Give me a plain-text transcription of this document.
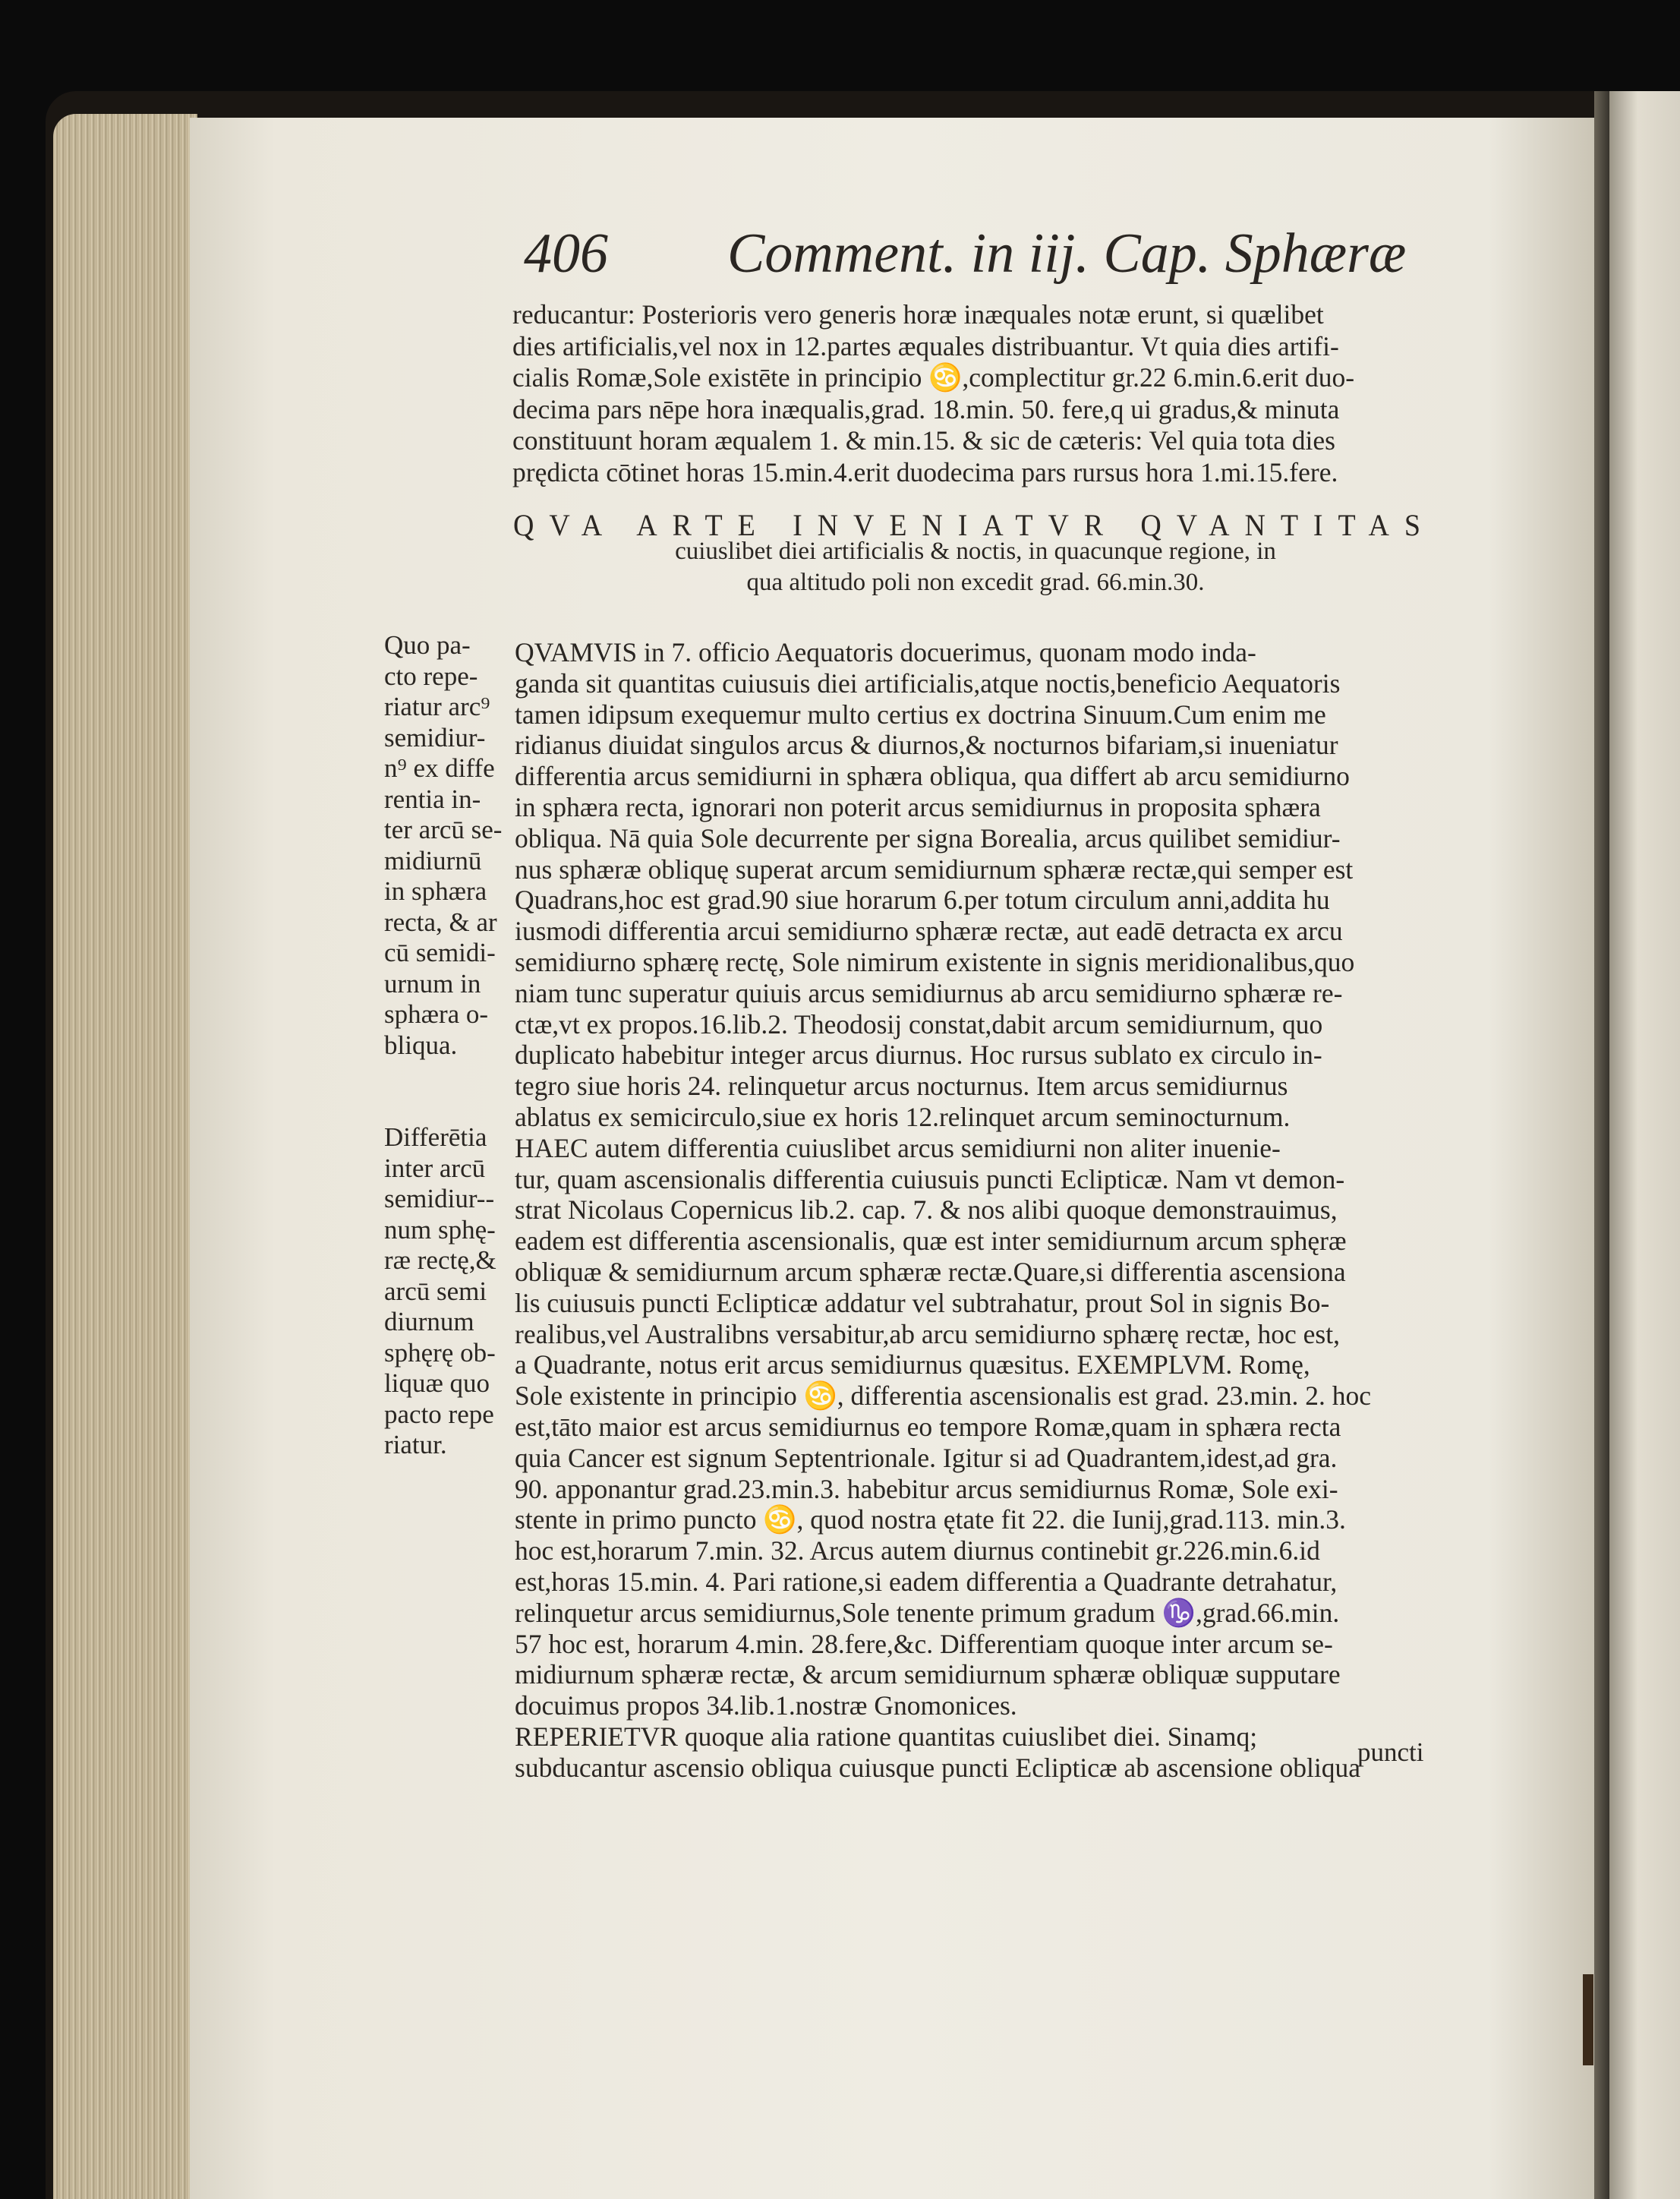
406 Comment. in iij. Cap. Sphæræ
reducantur: Posterioris vero generis horæ inæquales notæ erunt, si quælibet
dies artificialis,vel nox in 12.partes æquales distribuantur. Vt quia dies artifi-
cialis Romæ,Sole existēte in principio ♋,complectitur gr.22 6.min.6.erit duo-
decima pars nēpe hora inæqualis,grad. 18.min. 50. fere,q ui gradus,& minuta
constituunt horam æqualem 1. & min.15. & sic de cæteris: Vel quia tota dies
prędicta cōtinet horas 15.min.4.erit duodecima pars rursus hora 1.mi.15.fere.
QVA ARTE INVENIATVR QVANTITAS
cuiuslibet diei artificialis & noctis, in quacunque regione, in
qua altitudo poli non excedit grad. 66.min.30.
Quo pa-
cto repe-
riatur arc⁹
semidiur-
n⁹ ex diffe
rentia in-
ter arcū se-
midiurnū
in sphæra
recta, & ar
cū semidi-
urnum in
sphæra o-
bliqua.
Differētia
inter arcū
semidiur--
num sphę-
ræ rectę,&
arcū semi
diurnum
sphęrę ob-
liquæ quo
pacto repe
riatur.
QVAMVIS in 7. officio Aequatoris docuerimus, quonam modo inda-
ganda sit quantitas cuiusuis diei artificialis,atque noctis,beneficio Aequatoris
tamen idipsum exequemur multo certius ex doctrina Sinuum.Cum enim me
ridianus diuidat singulos arcus & diurnos,& nocturnos bifariam,si inueniatur
differentia arcus semidiurni in sphæra obliqua, qua differt ab arcu semidiurno
in sphæra recta, ignorari non poterit arcus semidiurnus in proposita sphæra
obliqua. Nā quia Sole decurrente per signa Borealia, arcus quilibet semidiur-
nus sphæræ obliquę superat arcum semidiurnum sphæræ rectæ,qui semper est
Quadrans,hoc est grad.90 siue horarum 6.per totum circulum anni,addita hu
iusmodi differentia arcui semidiurno sphæræ rectæ, aut eadē detracta ex arcu
semidiurno sphærę rectę, Sole nimirum existente in signis meridionalibus,quo
niam tunc superatur quiuis arcus semidiurnus ab arcu semidiurno sphæræ re-
ctæ,vt ex propos.16.lib.2. Theodosij constat,dabit arcum semidiurnum, quo
duplicato habebitur integer arcus diurnus. Hoc rursus sublato ex circulo in-
tegro siue horis 24. relinquetur arcus nocturnus. Item arcus semidiurnus
ablatus ex semicirculo,siue ex horis 12.relinquet arcum seminocturnum.
HAEC autem differentia cuiuslibet arcus semidiurni non aliter inuenie-
tur, quam ascensionalis differentia cuiusuis puncti Eclipticæ. Nam vt demon-
strat Nicolaus Copernicus lib.2. cap. 7. & nos alibi quoque demonstrauimus,
eadem est differentia ascensionalis, quæ est inter semidiurnum arcum sphęræ
obliquæ & semidiurnum arcum sphæræ rectæ.Quare,si differentia ascensiona
lis cuiusuis puncti Eclipticæ addatur vel subtrahatur, prout Sol in signis Bo-
realibus,vel Australibns versabitur,ab arcu semidiurno sphærę rectæ, hoc est,
a Quadrante, notus erit arcus semidiurnus quæsitus. EXEMPLVM. Romę,
Sole existente in principio ♋, differentia ascensionalis est grad. 23.min. 2. hoc
est,tāto maior est arcus semidiurnus eo tempore Romæ,quam in sphæra recta
quia Cancer est signum Septentrionale. Igitur si ad Quadrantem,idest,ad gra.
90. apponantur grad.23.min.3. habebitur arcus semidiurnus Romæ, Sole exi-
stente in primo puncto ♋, quod nostra ętate fit 22. die Iunij,grad.113. min.3.
hoc est,horarum 7.min. 32. Arcus autem diurnus continebit gr.226.min.6.id
est,horas 15.min. 4. Pari ratione,si eadem differentia a Quadrante detrahatur,
relinquetur arcus semidiurnus,Sole tenente primum gradum ♑,grad.66.min.
57 hoc est, horarum 4.min. 28.fere,&c. Differentiam quoque inter arcum se-
midiurnum sphæræ rectæ, & arcum semidiurnum sphæræ obliquæ supputare
docuimus propos 34.lib.1.nostræ Gnomonices.
REPERIETVR quoque alia ratione quantitas cuiuslibet diei. Sinamq;
subducantur ascensio obliqua cuiusque puncti Eclipticæ ab ascensione obliqua
puncti
